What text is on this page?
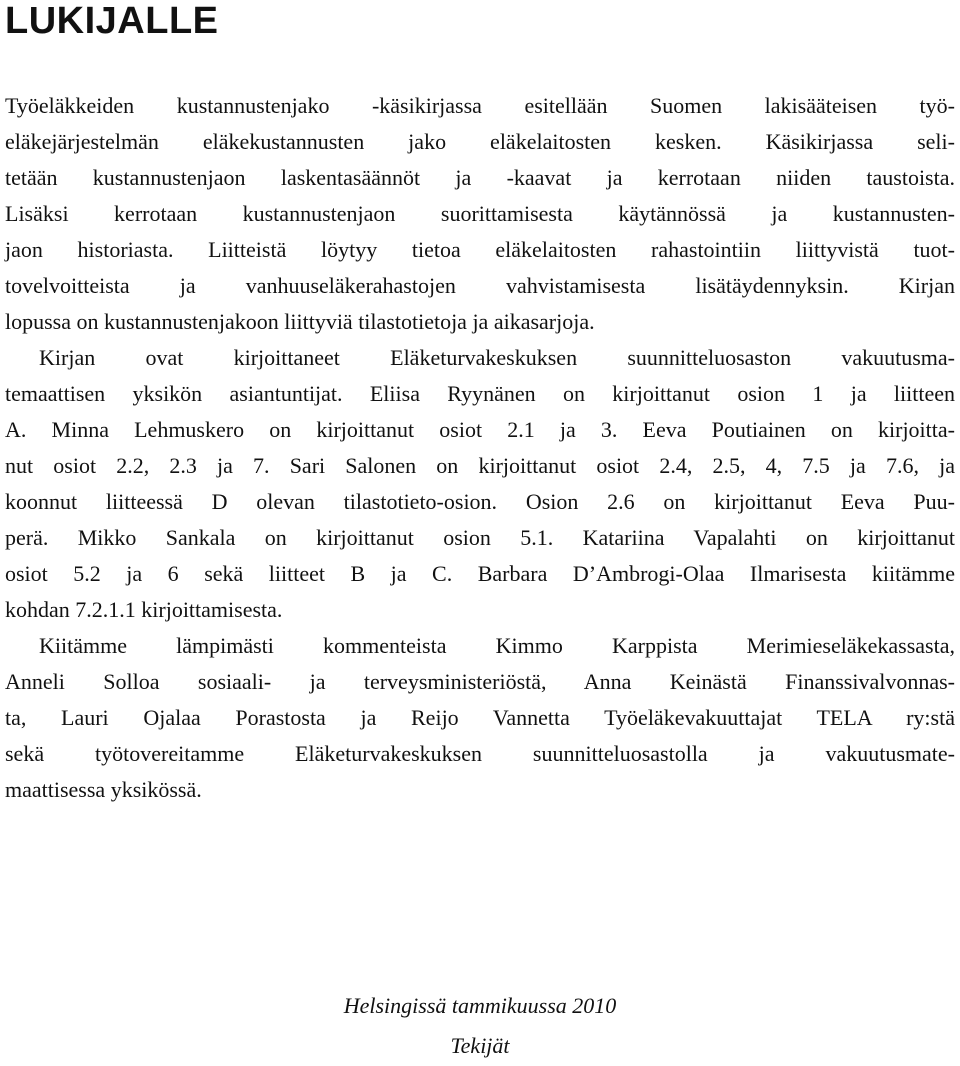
LUKIJALLE
Työeläkkeiden kustannustenjako -käsikirjassa esitellään Suomen lakisääteisen työ-
eläkejärjestelmän eläkekustannusten jako eläkelaitosten kesken. Käsikirjassa seli-
tetään kustannustenjaon laskentasäännöt ja -kaavat ja kerrotaan niiden taustoista.
Lisäksi kerrotaan kustannustenjaon suorittamisesta käytännössä ja kustannusten-
jaon historiasta. Liitteistä löytyy tietoa eläkelaitosten rahastointiin liittyvistä tuot-
tovelvoitteista ja vanhuuseläkerahastojen vahvistamisesta lisätäydennyksin. Kirjan
lopussa on kustannustenjakoon liittyviä tilastotietoja ja aikasarjoja.
Kirjan ovat kirjoittaneet Eläketurvakeskuksen suunnitteluosaston vakuutusma-
temaattisen yksikön asiantuntijat. Eliisa Ryynänen on kirjoittanut osion 1 ja liitteen
A. Minna Lehmuskero on kirjoittanut osiot 2.1 ja 3. Eeva Poutiainen on kirjoitta-
nut osiot 2.2, 2.3 ja 7. Sari Salonen on kirjoittanut osiot 2.4, 2.5, 4, 7.5 ja 7.6, ja
koonnut liitteessä D olevan tilastotieto-osion. Osion 2.6 on kirjoittanut Eeva Puu-
perä. Mikko Sankala on kirjoittanut osion 5.1. Katariina Vapalahti on kirjoittanut
osiot 5.2 ja 6 sekä liitteet B ja C. Barbara D’Ambrogi-Olaa Ilmarisesta kiitämme
kohdan 7.2.1.1 kirjoittamisesta.
Kiitämme lämpimästi kommenteista Kimmo Karppista Merimieseläkekassasta,
Anneli Solloa sosiaali- ja terveysministeriöstä, Anna Keinästä Finanssivalvonnas-
ta, Lauri Ojalaa Porastosta ja Reijo Vannetta Työeläkevakuuttajat TELA ry:stä
sekä työtovereitamme Eläketurvakeskuksen suunnitteluosastolla ja vakuutusmate-
maattisessa yksikössä.
Helsingissä tammikuussa 2010
Tekijät
